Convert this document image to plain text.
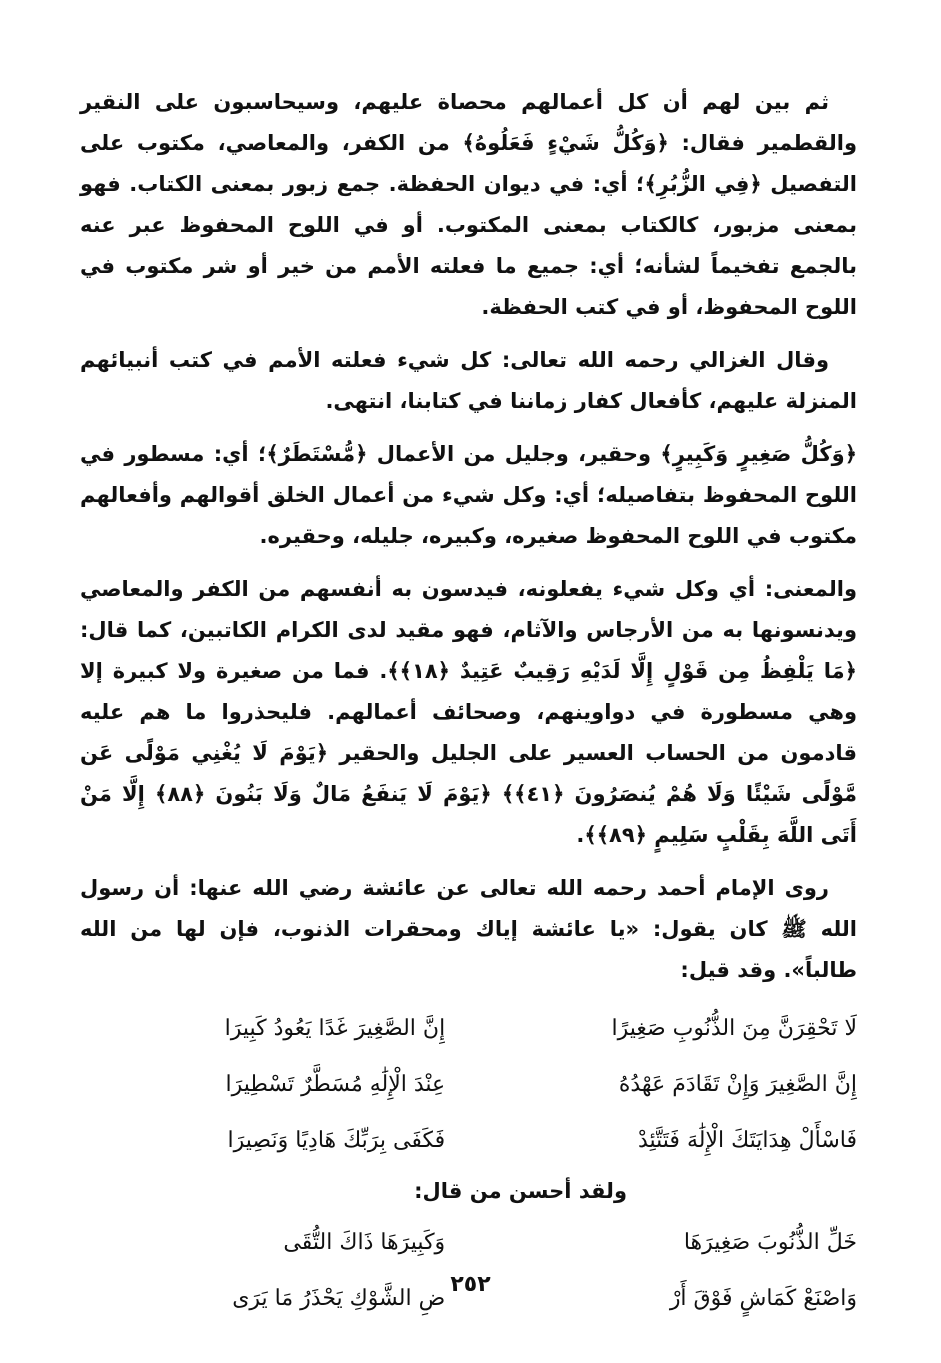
ثم بين لهم أن كل أعمالهم محصاة عليهم، وسيحاسبون على النقير والقطمير فقال: ﴿وَكُلُّ شَيْءٍ فَعَلُوهُ﴾ من الكفر، والمعاصي، مكتوب على التفصيل ﴿فِي الزُّبُرِ﴾؛ أي: في ديوان الحفظة. جمع زبور بمعنى الكتاب. فهو بمعنى مزبور، كالكتاب بمعنى المكتوب. أو في اللوح المحفوظ عبر عنه بالجمع تفخيماً لشأنه؛ أي: جميع ما فعلته الأمم من خير أو شر مكتوب في اللوح المحفوظ، أو في كتب الحفظة.

وقال الغزالي رحمه الله تعالى: كل شيء فعلته الأمم في كتب أنبيائهم المنزلة عليهم، كأفعال كفار زماننا في كتابنا، انتهى.

﴿وَكُلُّ صَغِيرٍ وَكَبِيرٍ﴾ وحقير، وجليل من الأعمال ﴿مُّسْتَطَرٌ﴾؛ أي: مسطور في اللوح المحفوظ بتفاصيله؛ أي: وكل شيء من أعمال الخلق أقوالهم وأفعالهم مكتوب في اللوح المحفوظ صغيره، وكبيره، جليله، وحقيره.

والمعنى: أي وكل شيء يفعلونه، فيدسون به أنفسهم من الكفر والمعاصي ويدنسونها به من الأرجاس والآثام، فهو مقيد لدى الكرام الكاتبين، كما قال: ﴿مَا يَلْفِظُ مِن قَوْلٍ إِلَّا لَدَيْهِ رَقِيبٌ عَتِيدٌ ﴿١٨﴾﴾. فما من صغيرة ولا كبيرة إلا وهي مسطورة في دواوينهم، وصحائف أعمالهم. فليحذروا ما هم عليه قادمون من الحساب العسير على الجليل والحقير ﴿يَوْمَ لَا يُغْنِي مَوْلًى عَن مَّوْلًى شَيْئًا وَلَا هُمْ يُنصَرُونَ ﴿٤١﴾﴾ ﴿يَوْمَ لَا يَنفَعُ مَالٌ وَلَا بَنُونَ ﴿٨٨﴾ إِلَّا مَنْ أَتَى اللَّهَ بِقَلْبٍ سَلِيمٍ ﴿٨٩﴾﴾.

روى الإمام أحمد رحمه الله تعالى عن عائشة رضي الله عنها: أن رسول الله ﷺ كان يقول: «يا عائشة إياك ومحقرات الذنوب، فإن لها من الله طالباً». وقد قيل:

لَا تَحْقِرَنَّ مِنَ الذُّنُوبِ صَغِيرًا
إِنَّ الصَّغِيرَ غَدًا يَعُودُ كَبِيرَا
إِنَّ الصَّغِيرَ وَإِنْ تَقَادَمَ عَهْدُهُ
عِنْدَ الْإِلَٰهِ مُسَطَّرٌ تَسْطِيرَا
فَاسْأَلْ هِدَايَتَكَ الْإِلَٰهَ فَتَتَّئِدْ
فَكَفَى بِرَبِّكَ هَادِيًا وَنَصِيرَا
ولقد أحسن من قال:
خَلِّ الذُّنُوبَ صَغِيرَهَا
وَكَبِيرَهَا ذَاكَ التُّقَى
وَاصْنَعْ كَمَاشٍ فَوْقَ أَرْ
ضِ الشَّوْكِ يَحْذَرُ مَا يَرَى
٢٥٢
